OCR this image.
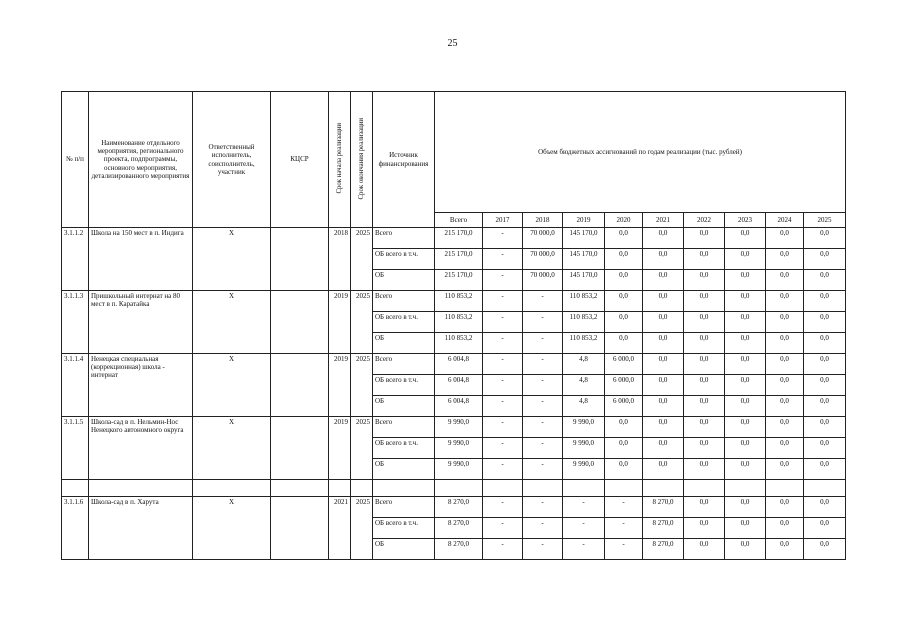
25
№ п/п	Наименование отдельного мероприятия, регионального проекта, подпрограммы, основного мероприятия, детализированного мероприятия	Ответственный исполнитель, соисполнитель, участник	КЦСР	Срок начала реализации	Срок окончания реализации	Источник финансирования	Объем бюджетных ассигнований по годам реализации (тыс. рублей)									
							Всего	2017	2018	2019	2020	2021	2022	2023	2024	2025
3.1.1.2	Школа на 150 мест в п. Индига	Х		2018	2025	Всего	215 170,0	-	70 000,0	145 170,0	0,0	0,0	0,0	0,0	0,0	0,0
						ОБ всего в т.ч.	215 170,0	-	70 000,0	145 170,0	0,0	0,0	0,0	0,0	0,0	0,0
						ОБ	215 170,0	-	70 000,0	145 170,0	0,0	0,0	0,0	0,0	0,0	0,0
3.1.1.3	Пришкольный интернат на 80 мест в п. Каратайка	Х		2019	2025	Всего	110 853,2	-	-	110 853,2	0,0	0,0	0,0	0,0	0,0	0,0
						ОБ всего в т.ч.	110 853,2	-	-	110 853,2	0,0	0,0	0,0	0,0	0,0	0,0
						ОБ	110 853,2	-	-	110 853,2	0,0	0,0	0,0	0,0	0,0	0,0
3.1.1.4	Ненецкая специальная (коррекционная) школа - интернат	Х		2019	2025	Всего	6 004,8	-	-	4,8	6 000,0	0,0	0,0	0,0	0,0	0,0
						ОБ всего в т.ч.	6 004,8	-	-	4,8	6 000,0	0,0	0,0	0,0	0,0	0,0
						ОБ	6 004,8	-	-	4,8	6 000,0	0,0	0,0	0,0	0,0	0,0
3.1.1.5	Школа-сад в п. Нельмин-Нос Ненецкого автономного округа	Х		2019	2025	Всего	9 990,0	-	-	9 990,0	0,0	0,0	0,0	0,0	0,0	0,0
						ОБ всего в т.ч.	9 990,0	-	-	9 990,0	0,0	0,0	0,0	0,0	0,0	0,0
						ОБ	9 990,0	-	-	9 990,0	0,0	0,0	0,0	0,0	0,0	0,0

3.1.1.6	Школа-сад в п. Харута	Х		2021	2025	Всего	8 270,0	-	-	-	-	8 270,0	0,0	0,0	0,0	0,0
						ОБ всего в т.ч.	8 270,0	-	-	-	-	8 270,0	0,0	0,0	0,0	0,0
						ОБ	8 270,0	-	-	-	-	8 270,0	0,0	0,0	0,0	0,0
